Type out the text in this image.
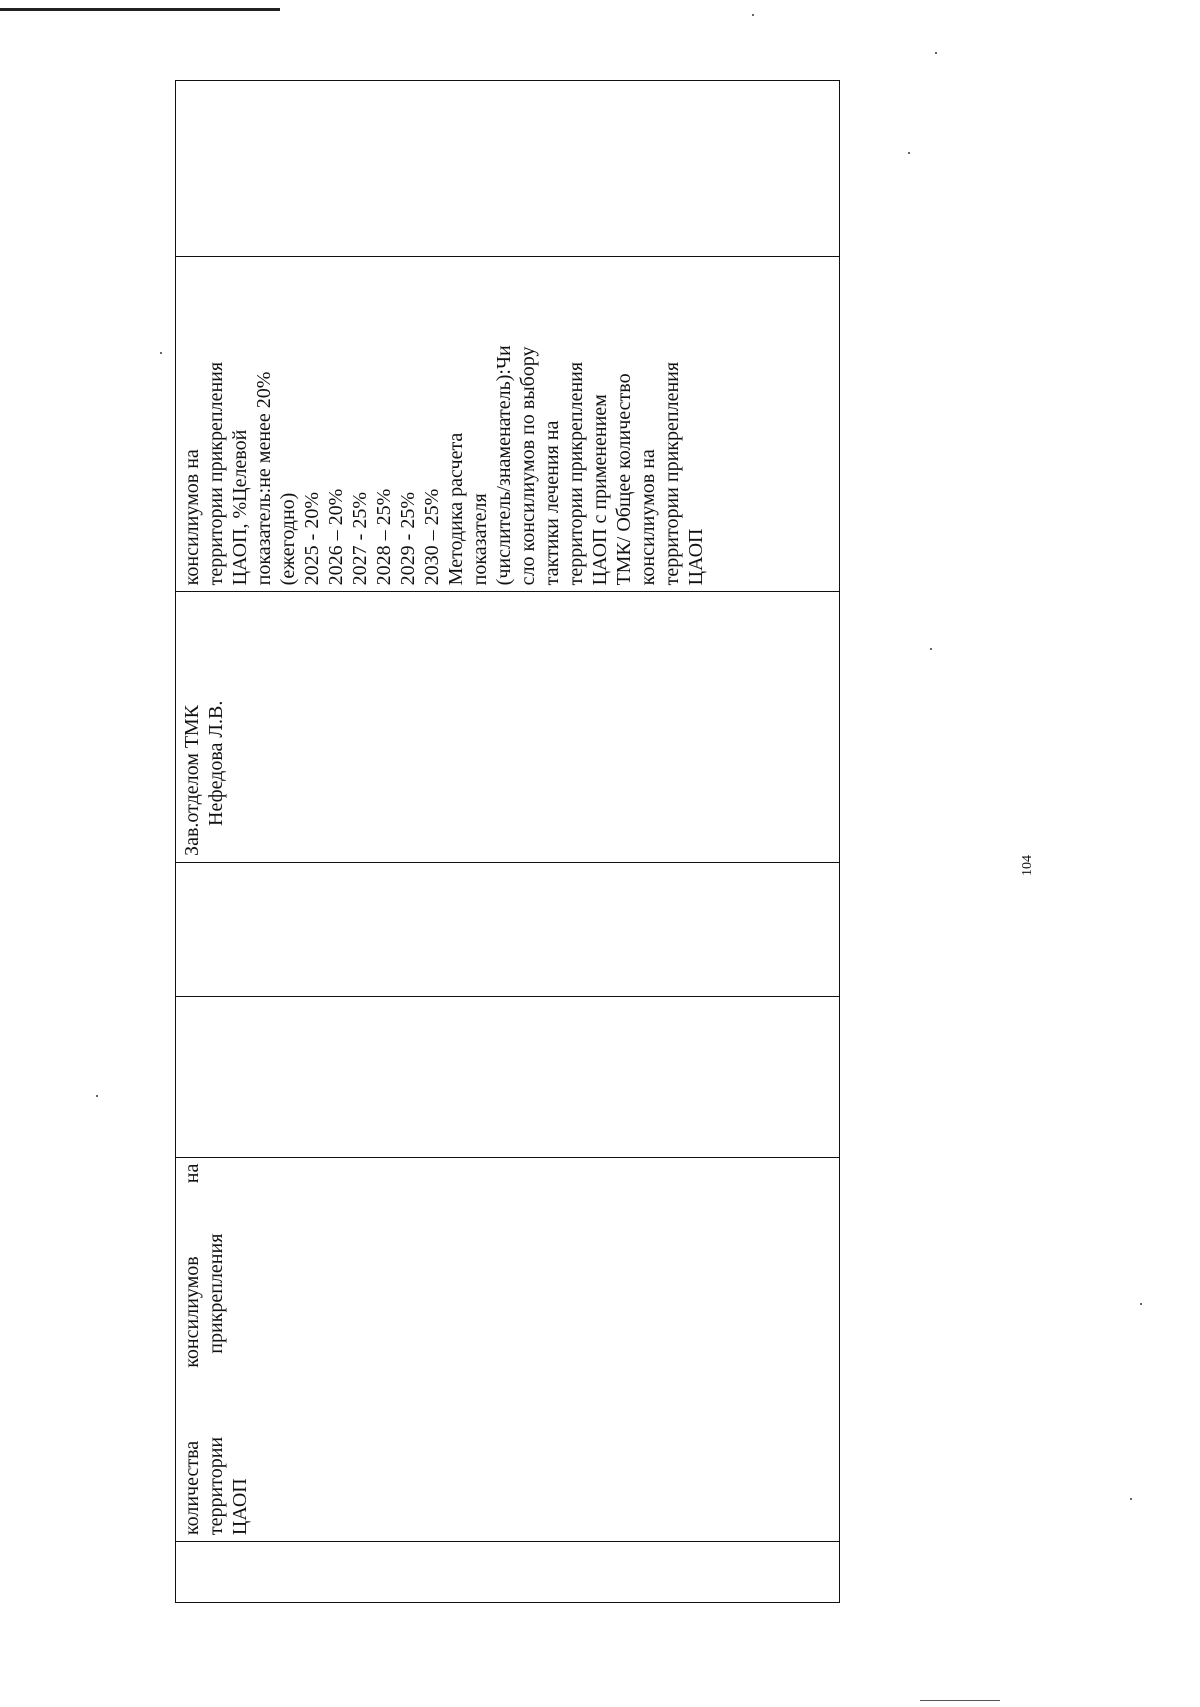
количества
консилиумов
на
территории
прикрепления
ЦАОП
Зав.отделом ТМК Нефедова Л.В.
консилиумов на территории прикрепления ЦАОП, %Целевой показатель:не менее 20% (ежегодно) 2025 - 20% 2026 – 20% 2027 - 25% 2028 – 25% 2029 - 25% 2030 – 25% Методика расчета показателя (числитель/знаменатель):Чи сло консилиумов по выбору тактики лечения на территории прикрепления ЦАОП с применением ТМК/ Общее количество консилиумов на территории прикрепления ЦАОП
104
